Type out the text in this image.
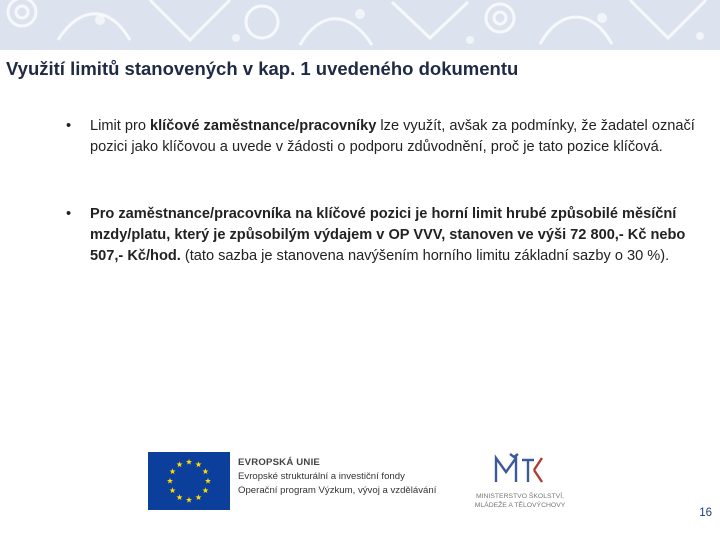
Využití limitů stanovených v kap. 1 uvedeného dokumentu
• Limit pro klíčové zaměstnance/pracovníky lze využít, avšak za podmínky, že žadatel označí pozici jako klíčovou a uvede v žádosti o podporu zdůvodnění, proč je tato pozice klíčová.
• Pro zaměstnance/pracovníka na klíčové pozici je horní limit hrubé způsobilé měsíční mzdy/platu, který je způsobilým výdajem v OP VVV, stanoven ve výši 72 800,- Kč nebo 507,- Kč/hod. (tato sazba je stanovena navýšením horního limitu základní sazby o 30 %).
EVROPSKÁ UNIE
Evropské strukturální a investiční fondy
Operační program Výzkum, vývoj a vzdělávání
MINISTERSTVO ŠKOLSTVÍ,
MLÁDEŽE A TĚLOVÝCHOVY
16
